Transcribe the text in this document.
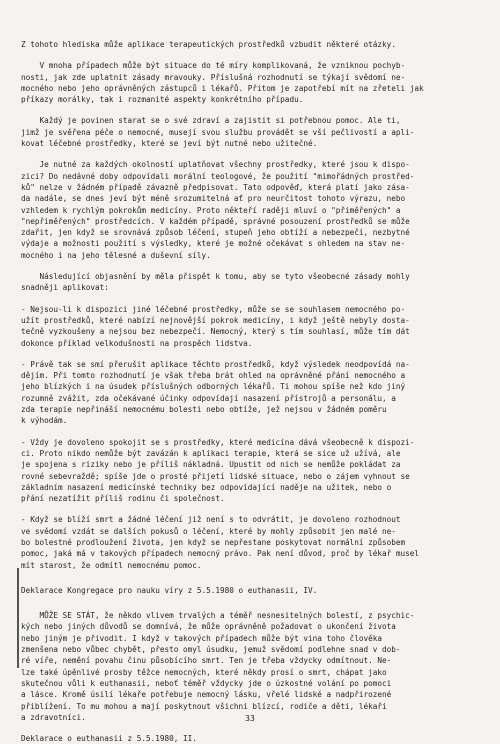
Z tohoto hlediska může aplikace terapeutických prostředků vzbudit některé otázky.
V mnoha případech může být situace do té míry komplikovaná, že vzniknou pochyb-
nosti, jak zde uplatnit zásady mravouky. Příslušná rozhodnutí se týkají svědomí ne-
mocného nebo jeho oprávněných zástupců i lékařů. Přitom je zapotřebí mít na zřeteli jak
příkazy morálky, tak i rozmanité aspekty konkrétního případu.
Každý je povinen starat se o své zdraví a zajistit si potřebnou pomoc. Ale ti,
jimž je svěřena péče o nemocné, musejí svou službu provádět se vší pečlivostí a apli-
kovat léčebné prostředky, které se jeví být nutné nebo užitečné.
Je nutné za každých okolností uplatňovat všechny prostředky, které jsou k dispo-
zici? Do nedávné doby odpovídali morální teologové, že použití "mimořádných prostřed-
ků" nelze v žádném případě závazně předpisovat. Tato odpověď, která platí jako zása-
da nadále, se dnes jeví být méně srozumitelná ať pro neurčitost tohoto výrazu, nebo
vzhledem k rychlým pokrokům medicíny. Proto někteří raději mluví o "přiměřených" a
"nepřiměřených" prostředcích. V každém případě, správné posouzení prostředků se může
zdařit, jen když se srovnává způsob léčení, stupeň jeho obtíží a nebezpečí, nezbytné
výdaje a možnosti použití s výsledky, které je možné očekávat s ohledem na stav ne-
mocného i na jeho tělesné a duševní síly.
Následující objasnění by měla přispět k tomu, aby se tyto všeobecné zásady mohly
snadněji aplikovat:
- Nejsou-li k dispozici jiné léčebné prostředky, může se se souhlasem nemocného po-
užít prostředků, které nabízí nejnovější pokrok medicíny, i když ještě nebyly dosta-
tečně vyzkoušeny a nejsou bez nebezpečí. Nemocný, který s tím souhlasí, může tím dát
dokonce příklad velkodušnosti na prospěch lidstva.
- Právě tak se smí přerušit aplikace těchto prostředků, když výsledek neodpovídá na-
dějím. Při tomto rozhodnutí je však třeba brát ohled na oprávněné přání nemocného a
jeho blízkých i na úsudek příslušných odborných lékařů. Ti mohou spíše než kdo jiný
rozumně zvážit, zda očekávané účinky odpovídají nasazení přístrojů a personálu, a
zda terapie nepřináší nemocnému bolesti nebo obtíže, jež nejsou v žádném poměru
k výhodám.
- Vždy je dovoleno spokojit se s prostředky, které medicína dává všeobecně k dispozi-
ci. Proto nikdo nemůže být zavázán k aplikaci terapie, která se sice už užívá, ale
je spojena s riziky nebo je příliš nákladná. Upustit od nich se nemůže pokládat za
rovné sebevraždě; spíše jde o prosté přijetí lidské situace, nebo o zájem vyhnout se
základním nasazení medicínské techniky bez odpovídající naděje na užitek, nebo o
přání nezatížit příliš rodinu či společnost.
- Když se blíží smrt a žádné léčení již není s to odvrátit, je dovoleno rozhodnout
ve svědomí vzdát se dalších pokusů o léčení, které by mohly způsobit jen malé ne-
bo bolestné prodloužení života, jen když se nepřestane poskytovat normální způsobem
pomoc, jaká má v takových případech nemocný právo. Pak není důvod, proč by lékař musel
mít starost, že odmítl nemocnému pomoc.
Deklarace Kongregace pro nauku víry z 5.5.1980 o euthanasii, IV.
MŮŽE SE STÁT, že někdo vlivem trvalých a téměř nesnesitelných bolestí, z psychic-
kých nebo jiných důvodů se domnívá, že může oprávněně požadovat o ukončení života
nebo jiným je přivodit. I když v takových případech může být vina toho člověka
zmenšena nebo vůbec chybět, přesto omyl úsudku, jemuž svědomí podlehne snad v dob-
ré víře, nemění povahu činu působícího smrt. Ten je třeba vždycky odmítnout. Ne-
lze také úpěnlivé prosby těžce nemocných, které někdy prosí o smrt, chápat jako
skutečnou vůli k euthanasii, neboť téměř vždycky jde o úzkostné volání po pomoci
a lásce. Kromě úsilí lékaře potřebuje nemocný lásku, vřelé lidské a nadpřirozené
přiblížení. To mu mohou a mají poskytnout všichni blízcí, rodiče a děti, lékaři
a zdravotníci.
Deklarace o euthanasii z 5.5.1980, II.
33
